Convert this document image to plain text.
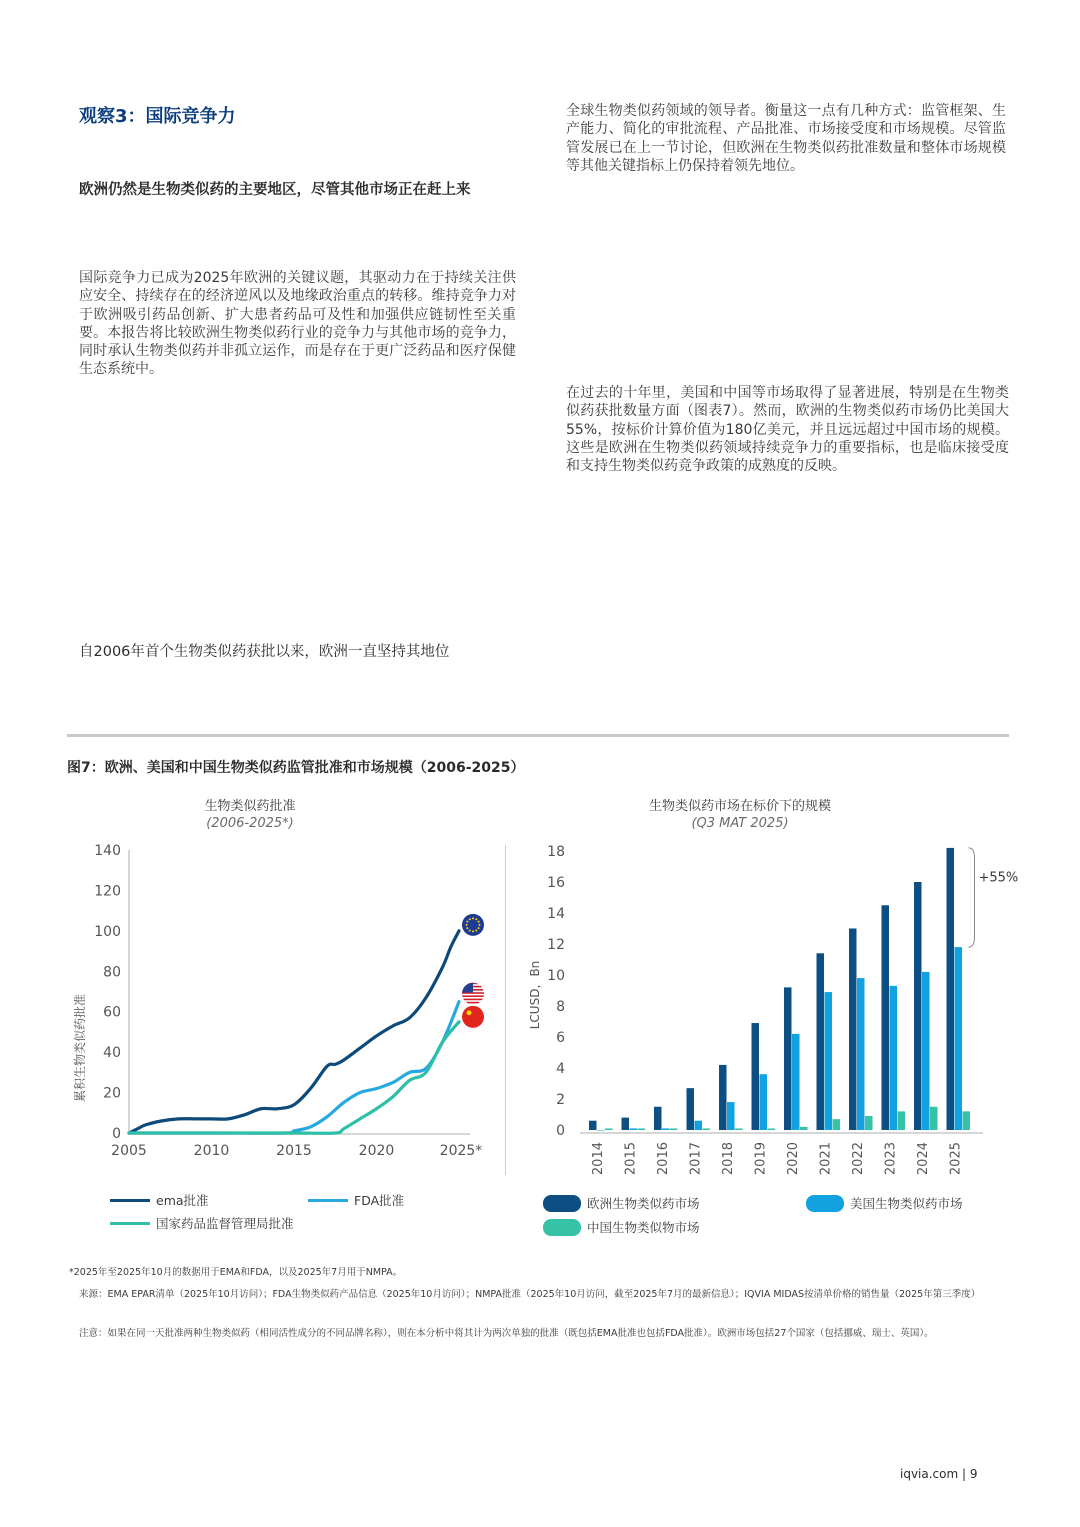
观察3：国际竞争力
欧洲仍然是生物类似药的主要地区，尽管其他市场正在赶上来
国际竞争力已成为2025年欧洲的关键议题，其驱动力在于持续关注供应安全、持续存在的经济逆风以及地缘政治重点的转移。维持竞争力对于欧洲吸引药品创新、扩大患者药品可及性和加强供应链韧性至关重要。本报告将比较欧洲生物类似药行业的竞争力与其他市场的竞争力，同时承认生物类似药并非孤立运作，而是存在于更广泛药品和医疗保健生态系统中。
全球生物类似药领域的领导者。衡量这一点有几种方式：监管框架、生产能力、简化的审批流程、产品批准、市场接受度和市场规模。尽管监管发展已在上一节讨论，但欧洲在生物类似药批准数量和整体市场规模等其他关键指标上仍保持着领先地位。
在过去的十年里，美国和中国等市场取得了显著进展，特别是在生物类似药获批数量方面（图表7）。然而，欧洲的生物类似药市场仍比美国大55%，按标价计算价值为180亿美元，并且远远超过中国市场的规模。这些是欧洲在生物类似药领域持续竞争力的重要指标，也是临床接受度和支持生物类似药竞争政策的成熟度的反映。
自2006年首个生物类似药获批以来，欧洲一直坚持其地位
图7：欧洲、美国和中国生物类似药监管批准和市场规模（2006-2025）
生物类似药批准
(2006-2025*)
生物类似药市场在标价下的规模
(Q3 MAT 2025)
0
20
40
60
80
100
120
140
2005	2010	2015	2020	2025*
累积生物类似药批准
0
2
4
6
8
10
12
14
16
18
LCUSD，Bn
2014 2015 2016 2017 2018 2019 2020 2021 2022 2023 2024 2025
+55%
ema批准	FDA批准
国家药品监督管理局批准
欧洲生物类似药市场	美国生物类似药市场
中国生物类似物市场
*2025年至2025年10月的数据用于EMA和FDA，以及2025年7月用于NMPA。
来源：EMA EPAR清单（2025年10月访问）；FDA生物类似药产品信息（2025年10月访问）；NMPA批准（2025年10月访问，截至2025年7月的最新信息）；IQVIA MIDAS按清单价格的销售量（2025年第三季度）
注意：如果在同一天批准两种生物类似药（相同活性成分的不同品牌名称），则在本分析中将其计为两次单独的批准（既包括EMA批准也包括FDA批准）。欧洲市场包括27个国家（包括挪威、瑞士、英国）。
iqvia.com | 9
